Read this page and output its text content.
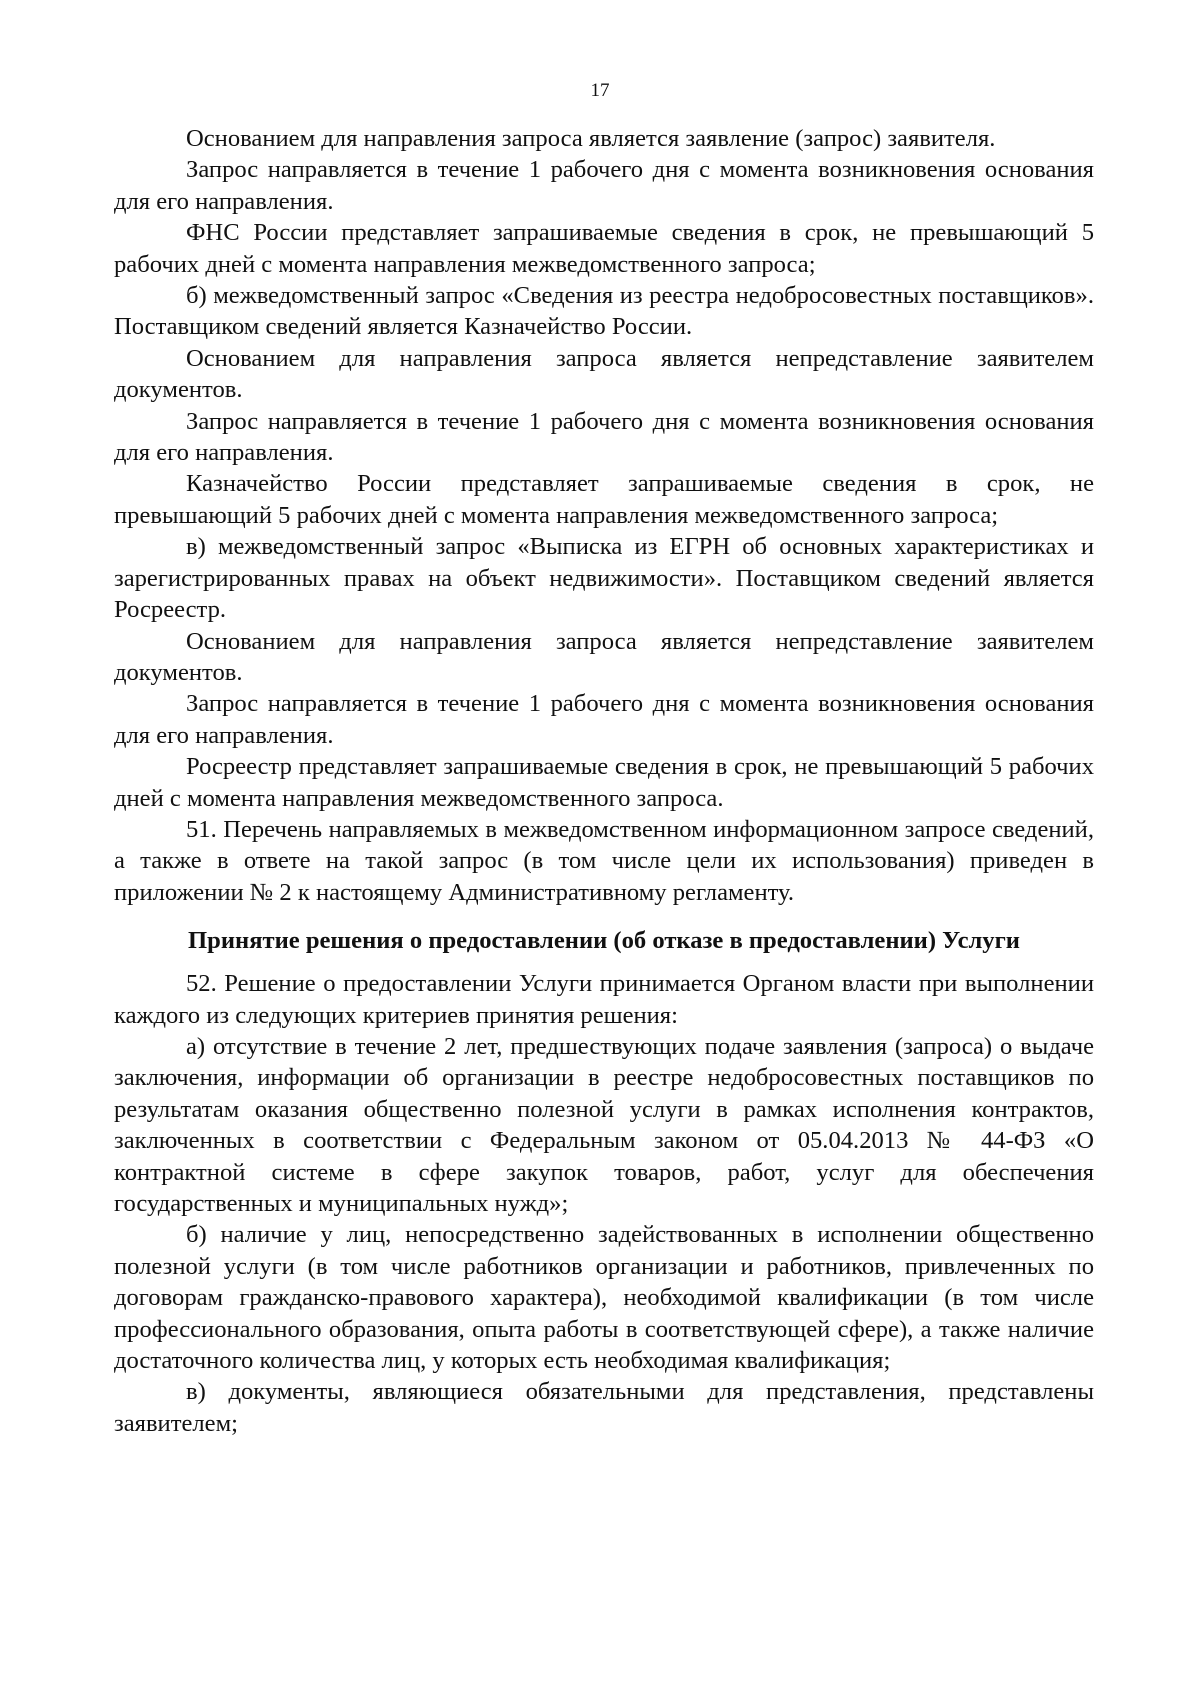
17

Основанием для направления запроса является заявление (запрос) заявителя.

Запрос направляется в течение 1 рабочего дня с момента возникновения основания для его направления.

ФНС России представляет запрашиваемые сведения в срок, не превышающий 5 рабочих дней с момента направления межведомственного запроса;

б) межведомственный запрос «Сведения из реестра недобросовестных поставщиков». Поставщиком сведений является Казначейство России.

Основанием для направления запроса является непредставление заявителем документов.

Запрос направляется в течение 1 рабочего дня с момента возникновения основания для его направления.

Казначейство России представляет запрашиваемые сведения в срок, не превышающий 5 рабочих дней с момента направления межведомственного запроса;

в) межведомственный запрос «Выписка из ЕГРН об основных характеристиках и зарегистрированных правах на объект недвижимости». Поставщиком сведений является Росреестр.

Основанием для направления запроса является непредставление заявителем документов.

Запрос направляется в течение 1 рабочего дня с момента возникновения основания для его направления.

Росреестр представляет запрашиваемые сведения в срок, не превышающий 5 рабочих дней с момента направления межведомственного запроса.

51. Перечень направляемых в межведомственном информационном запросе сведений, а также в ответе на такой запрос (в том числе цели их использования) приведен в приложении № 2 к настоящему Административному регламенту.

Принятие решения о предоставлении (об отказе в предоставлении) Услуги

52. Решение о предоставлении Услуги принимается Органом власти при выполнении каждого из следующих критериев принятия решения:

а) отсутствие в течение 2 лет, предшествующих подаче заявления (запроса) о выдаче заключения, информации об организации в реестре недобросовестных поставщиков по результатам оказания общественно полезной услуги в рамках исполнения контрактов, заключенных в соответствии с Федеральным законом от 05.04.2013 № 44-ФЗ «О контрактной системе в сфере закупок товаров, работ, услуг для обеспечения государственных и муниципальных нужд»;

б) наличие у лиц, непосредственно задействованных в исполнении общественно полезной услуги (в том числе работников организации и работников, привлеченных по договорам гражданско-правового характера), необходимой квалификации (в том числе профессионального образования, опыта работы в соответствующей сфере), а также наличие достаточного количества лиц, у которых есть необходимая квалификация;

в) документы, являющиеся обязательными для представления, представлены заявителем;
